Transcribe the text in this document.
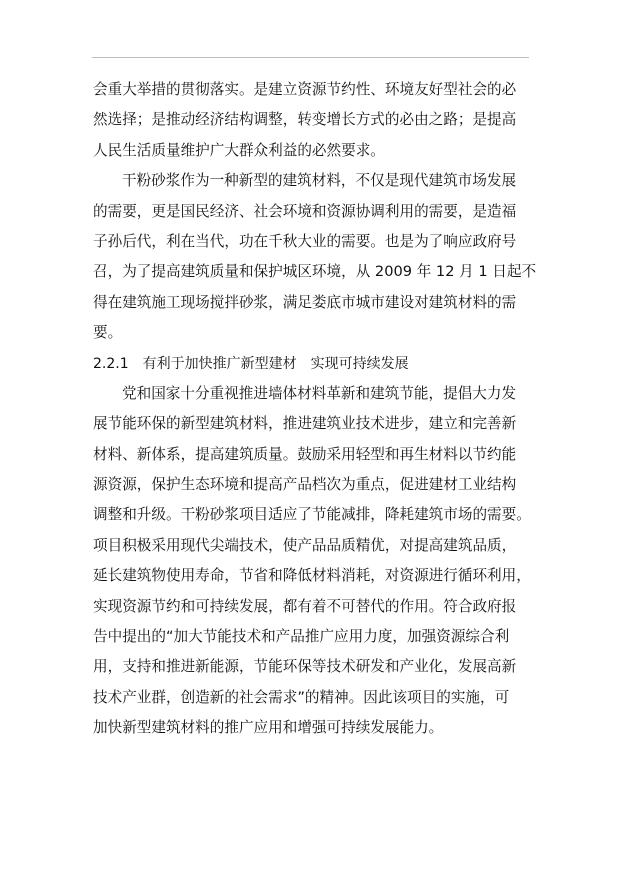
会重大举措的贯彻落实。是建立资源节约性、环境友好型社会的必
然选择；是推动经济结构调整，转变增长方式的必由之路；是提高
人民生活质量维护广大群众利益的必然要求。
干粉砂浆作为一种新型的建筑材料，不仅是现代建筑市场发展
的需要，更是国民经济、社会环境和资源协调利用的需要，是造福
子孙后代，利在当代，功在千秋大业的需要。也是为了响应政府号
召，为了提高建筑质量和保护城区环境，从 2009 年 12 月 1 日起不
得在建筑施工现场搅拌砂浆，满足娄底市城市建设对建筑材料的需
要。
2.2.1　有利于加快推广新型建材　实现可持续发展
党和国家十分重视推进墙体材料革新和建筑节能，提倡大力发
展节能环保的新型建筑材料，推进建筑业技术进步，建立和完善新
材料、新体系，提高建筑质量。鼓励采用轻型和再生材料以节约能
源资源，保护生态环境和提高产品档次为重点，促进建材工业结构
调整和升级。干粉砂浆项目适应了节能减排，降耗建筑市场的需要。
项目积极采用现代尖端技术，使产品品质精优，对提高建筑品质，
延长建筑物使用寿命，节省和降低材料消耗，对资源进行循环利用，
实现资源节约和可持续发展，都有着不可替代的作用。符合政府报
告中提出的“加大节能技术和产品推广应用力度，加强资源综合利
用，支持和推进新能源，节能环保等技术研发和产业化，发展高新
技术产业群，创造新的社会需求”的精神。因此该项目的实施，可
加快新型建筑材料的推广应用和增强可持续发展能力。
